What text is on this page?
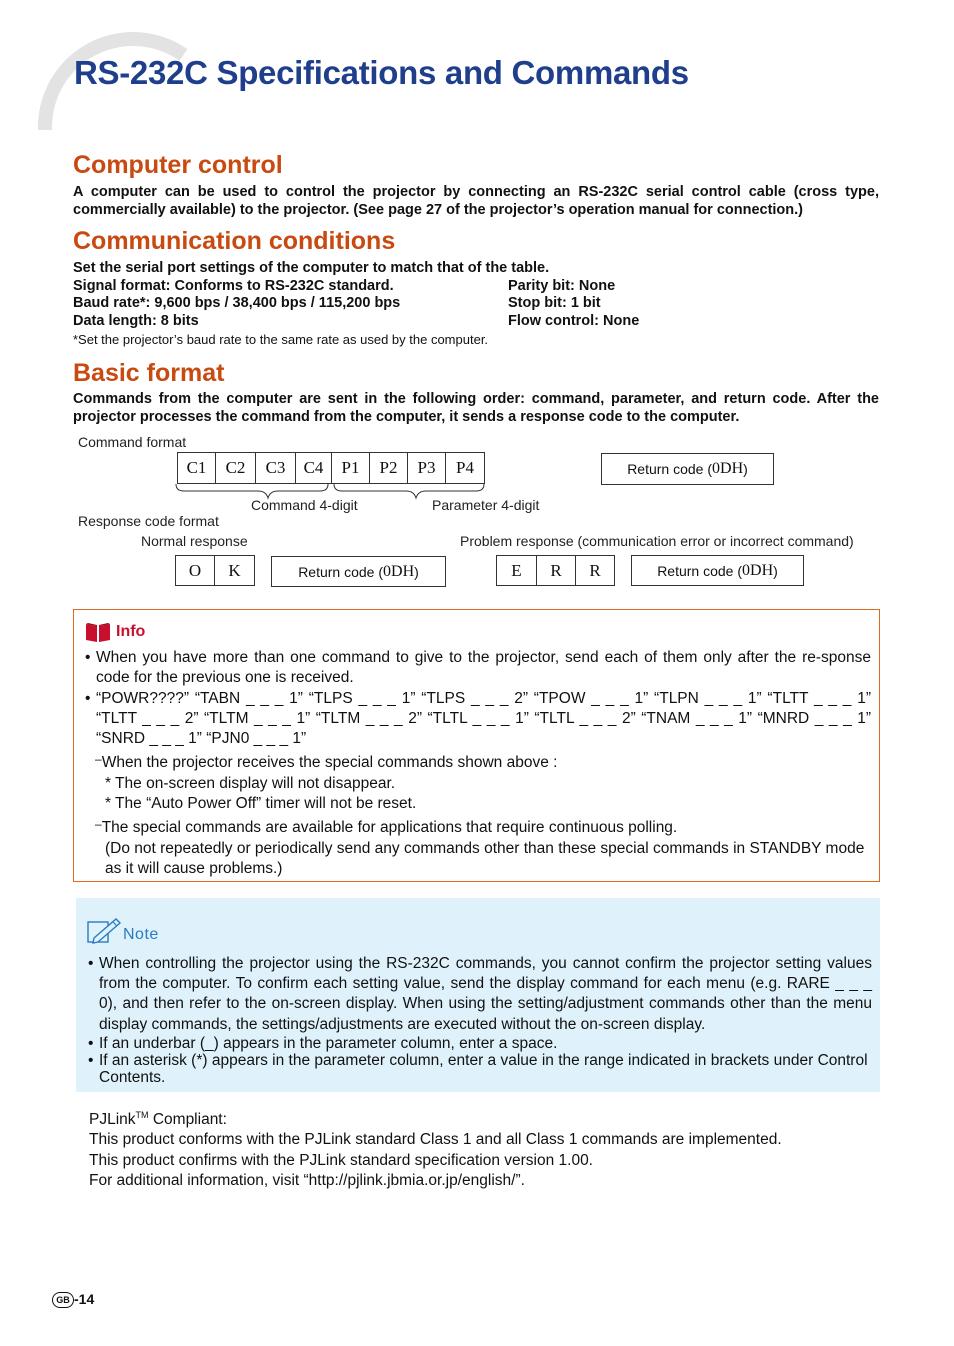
RS-232C Specifications and Commands
Computer control
A computer can be used to control the projector by connecting an RS-232C serial control cable (cross type, commercially available) to the projector. (See page 27 of the projector’s operation manual for connection.)
Communication conditions
Set the serial port settings of the computer to match that of the table.
Signal format: Conforms to RS-232C standard.
Baud rate*: 9,600 bps / 38,400 bps / 115,200 bps
Data length: 8 bits
Parity bit: None
Stop bit: 1 bit
Flow control: None
*Set the projector’s baud rate to the same rate as used by the computer.
Basic format
Commands from the computer are sent in the following order: command, parameter, and return code. After the projector processes the command from the computer, it sends a response code to the computer.
Command format
C1	C2	C3	C4	P1	P2	P3	P4
Command 4-digit	Parameter 4-digit
Return code ( 0DH )
Response code format
Normal response	Problem response (communication error or incorrect command)
O	K	Return code ( 0DH )	E	R	R	Return code ( 0DH )
Info
• When you have more than one command to give to the projector, send each of them only after the re-sponse code for the previous one is received.
• “POWR????” “TABN _ _ _ 1” “TLPS _ _ _ 1” “TLPS _ _ _ 2” “TPOW _ _ _ 1” “TLPN _ _ _ 1” “TLTT _ _ _ 1” “TLTT _ _ _ 2” “TLTM _ _ _ 1” “TLTM _ _ _ 2” “TLTL _ _ _ 1” “TLTL _ _ _ 2” “TNAM _ _ _ 1” “MNRD _ _ _ 1” “SNRD _ _ _ 1” “PJN0 _ _ _ 1”
–When the projector receives the special commands shown above :
* The on-screen display will not disappear.
* The “Auto Power Off” timer will not be reset.
–The special commands are available for applications that require continuous polling.
(Do not repeatedly or periodically send any commands other than these special commands in STANDBY mode as it will cause problems.)
Note
• When controlling the projector using the RS-232C commands, you cannot confirm the projector setting values from the computer. To confirm each setting value, send the display command for each menu (e.g. RARE _ _ _ 0), and then refer to the on-screen display. When using the setting/adjustment commands other than the menu display commands, the settings/adjustments are executed without the on-screen display.
• If an underbar (_) appears in the parameter column, enter a space.
• If an asterisk (*) appears in the parameter column, enter a value in the range indicated in brackets under Control Contents.
PJLink™ Compliant:
This product conforms with the PJLink standard Class 1 and all Class 1 commands are implemented.
This product confirms with the PJLink standard specification version 1.00.
For additional information, visit “http://pjlink.jbmia.or.jp/english/”.
GB -14
